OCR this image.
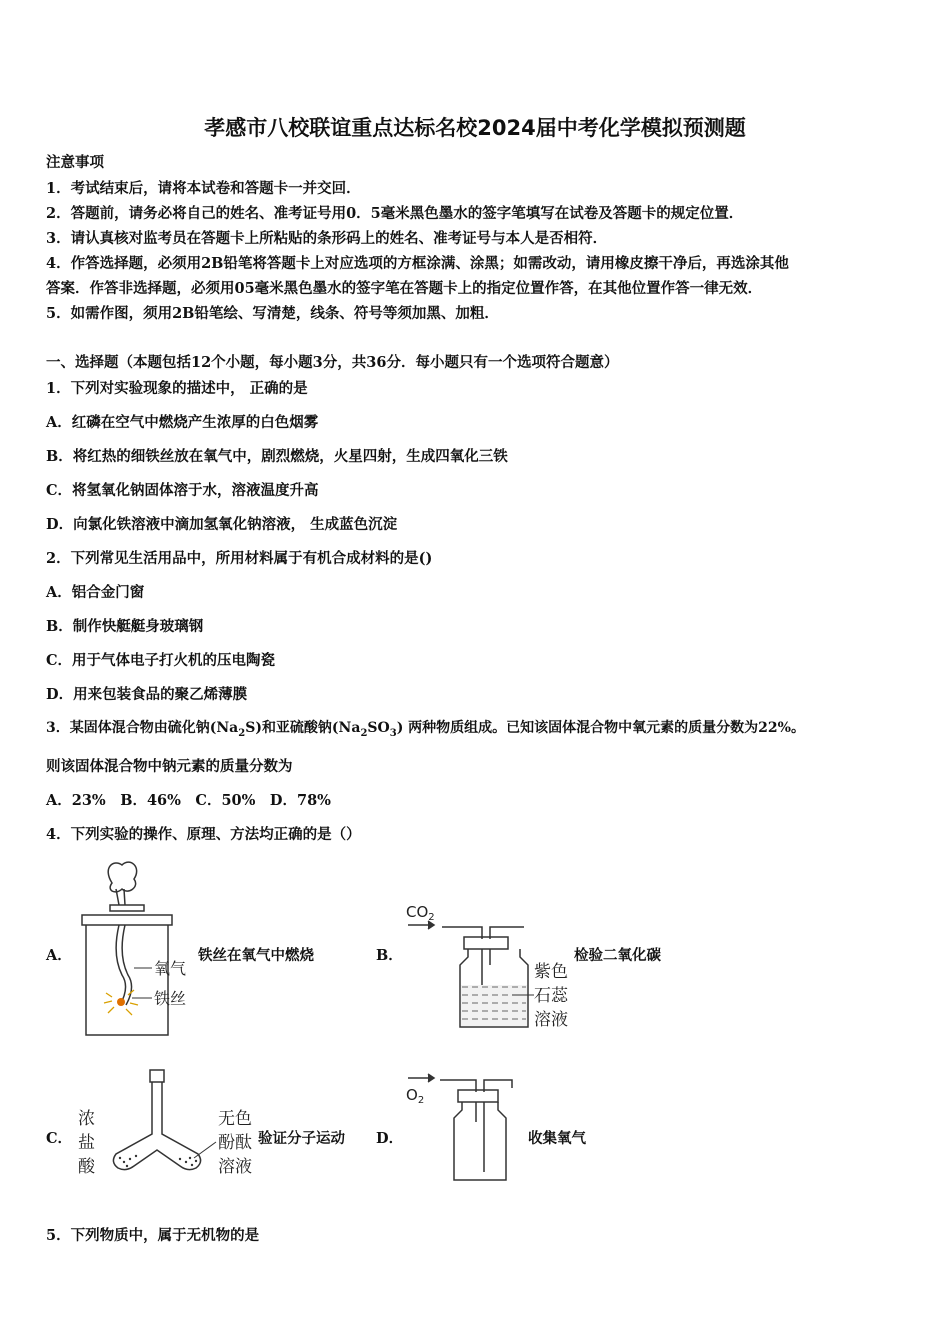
孝感市八校联谊重点达标名校2024届中考化学模拟预测题
注意事项
1．考试结束后，请将本试卷和答题卡一并交回．
2．答题前，请务必将自己的姓名、准考证号用0．5毫米黑色墨水的签字笔填写在试卷及答题卡的规定位置．
3．请认真核对监考员在答题卡上所粘贴的条形码上的姓名、准考证号与本人是否相符．
4．作答选择题，必须用2B铅笔将答题卡上对应选项的方框涂满、涂黑；如需改动，请用橡皮擦干净后，再选涂其他
答案．作答非选择题，必须用05毫米黑色墨水的签字笔在答题卡上的指定位置作答，在其他位置作答一律无效．
5．如需作图，须用2B铅笔绘、写清楚，线条、符号等须加黑、加粗．
一、选择题（本题包括12个小题，每小题3分，共36分．每小题只有一个选项符合题意）
1．下列对实验现象的描述中， 正确的是
A．红磷在空气中燃烧产生浓厚的白色烟雾
B．将红热的细铁丝放在氧气中，剧烈燃烧，火星四射，生成四氧化三铁
C．将氢氧化钠固体溶于水，溶液温度升高
D．向氯化铁溶液中滴加氢氧化钠溶液， 生成蓝色沉淀
2．下列常见生活用品中，所用材料属于有机合成材料的是()
A．铝合金门窗
B．制作快艇艇身玻璃钢
C．用于气体电子打火机的压电陶瓷
D．用来包装食品的聚乙烯薄膜
3．某固体混合物由硫化钠$(Na_2S)$和亚硫酸钠$(Na_2SO_3)$ 两种物质组成。已知该固体混合物中氧元素的质量分数为22%。
则该固体混合物中钠元素的质量分数为
A．23%　B．46%　C．50%　D．78%
4．下列实验的操作、原理、方法均正确的是（）
A．
氧气
铁丝
铁丝在氧气中燃烧	B．
$CO_2$
紫色
石蕊
溶液
检验二氧化碳
C．
浓
盐
酸
无色
酚酞
溶液
验证分子运动 D．
$O_2$
收集氧气
5．下列物质中，属于无机物的是
